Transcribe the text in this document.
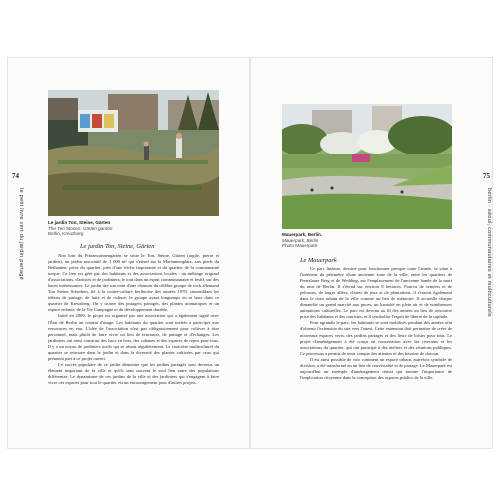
74
le petit livre vert du jardin partagé	Le jardin Ton, Steine, Gärten
The Ten Stones, Gärten garden
Berlin, Kreuzberg
Le jardin Ton, Steine, Gärten

Non loin du Prinzessinnengärten se situe le Ton, Steine, Gärten (argile, pierre et jardins), un jardin associatif de 1 000 m² qui s'étend sur la Mariannenplatz, aux pieds du Bethanien, pivot du quartier, près d'une friche importante et du quartier de la communauté turque. Ce lieu est géré par des habitants et des associations locales : un mélange original d'associations, d'artistes et de jardiniers, le tout dans un esprit communautaire et festif, sur des bases intéressantes. Le jardin tire son nom d'une chanson du célèbre groupe de rock allemand Ton Steine Scherben, lié à la contre-culture berlinoise des années 1970, rassemblant les idéaux de partage, de lutte et de culture, le groupe ayant longtemps eu sa base dans ce quartier de Kreuzberg. On y trouve des potagers partagés, des plantes aromatiques et un espace enfants, de la Vie Campagne et du développement durable.

Initié en 2009, le projet est organisé par une association qui a également signé avec l'État de Berlin un contrat d'usage. Les habitants du quartier sont invités à participer aux ressources en eau. L'idée de l'association n'est pas obligatoirement pour cultiver à titre personnel, mais plutôt de faire vivre un lieu de rencontre, de partage et d'échanges. Les jardiniers ont ainsi construit des bacs en bois, des cabanes et des espaces de repos pour tous. Il y a un noyau de jardiniers actifs qui se réunit régulièrement. Le caractère multiculturel du quartier se retrouve dans le jardin et dans la diversité des plantes cultivées par ceux qui prennent part à ce projet ouvert.

Le succès populaire de ce jardin démontre que les jardins partagés sont devenus un élément important de la ville et qu'ils sont souvent le seul lien entre des populations différentes. Le dynamisme de ces jardins de la ville et des jardiniers qui s'engagent à faire vivre ces espaces pour tout le quartier est un encouragement pour d'autres projets.

75
berlin · séoul, communautaires et multiculturels
Mauerpark, Berlin.
Mauerpark, Berlin
Photo Mauerpark
Le Mauerpark

Ce parc linéaire, dessiné pour fonctionner presque toute l'année, se situe à l'intérieur du périmètre d'une ancienne zone de la ville, entre les quartiers de Prenzlauer Berg et de Wedding, sur l'emplacement de l'ancienne bande de la mort du mur de Berlin. Il s'étend sur environ 8 hectares. Pourvu de sentiers et de pelouses, de larges allées, d'aires de jeux et de plantations, il s'inscrit également dans le tissu urbain de la ville comme un lieu de mémoire. Il accueille chaque dimanche un grand marché aux puces, un karaoké en plein air et de nombreuses animations culturelles. Le parc est devenu au fil des années un lieu de rencontre prisé des habitants et des touristes, et il symbolise l'esprit de liberté de la capitale.

Pour agrandir le parc, les habitants se sont mobilisés pendant des années afin d'obtenir l'extension du site vers l'ouest. Cette extension doit permettre de créer de nouveaux espaces verts, des jardins partagés et des lieux de loisirs pour tous. Le projet d'aménagement a été conçu en concertation avec les riverains et les associations du quartier, qui ont participé à des ateliers et des réunions publiques. Ce processus a permis de tenir compte des attentes et des besoins de chacun.

Il est ainsi possible de voir comment un espace urbain, autrefois symbole de division, a été transformé en un lieu de convivialité et de partage. Le Mauerpark est aujourd'hui un exemple d'aménagement réussi qui montre l'importance de l'implication citoyenne dans la conception des espaces publics de la ville.
